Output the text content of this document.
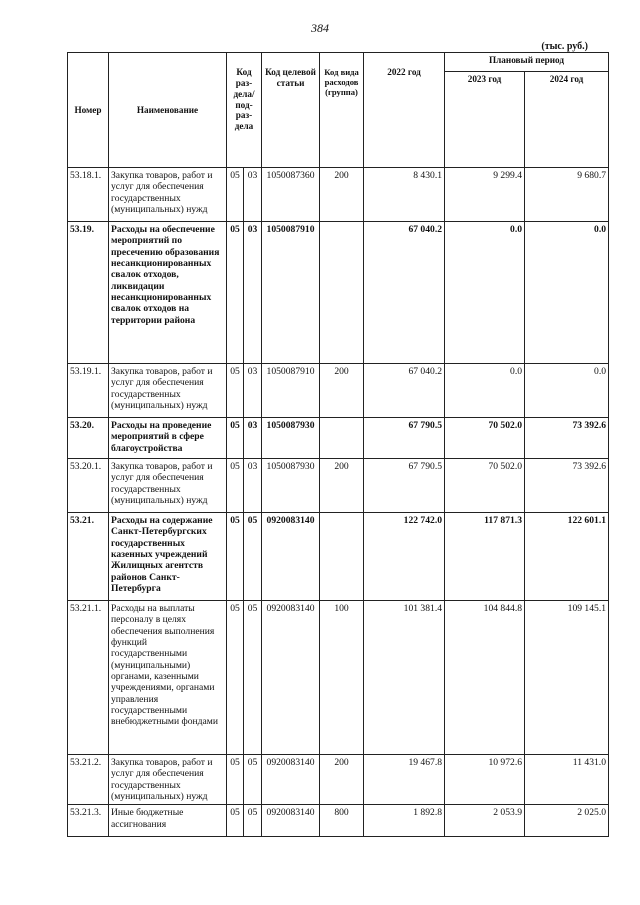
384
(тыс. руб.)
Номер	Наименование	Код раз-дела/ под-раз-дела		Код целевой статьи	Код вида расходов (группа)	2022 год	Плановый период	
							2023 год	2024 год
53.18.1.	Закупка товаров, работ и услуг для обеспечения государственных (муниципальных) нужд	05	03	1050087360	200	8 430.1	9 299.4	9 680.7
53.19.	Расходы на обеспечение мероприятий по пресечению образования несанкционированных свалок отходов, ликвидации несанкционированных свалок отходов на территории района	05	03	1050087910		67 040.2	0.0	0.0
53.19.1.	Закупка товаров, работ и услуг для обеспечения государственных (муниципальных) нужд	05	03	1050087910	200	67 040.2	0.0	0.0
53.20.	Расходы на проведение мероприятий в сфере благоустройства	05	03	1050087930		67 790.5	70 502.0	73 392.6
53.20.1.	Закупка товаров, работ и услуг для обеспечения государственных (муниципальных) нужд	05	03	1050087930	200	67 790.5	70 502.0	73 392.6
53.21.	Расходы на содержание Санкт-Петербургских государственных казенных учреждений Жилищных агентств районов Санкт-Петербурга	05	05	0920083140		122 742.0	117 871.3	122 601.1
53.21.1.	Расходы на выплаты персоналу в целях обеспечения выполнения функций государственными (муниципальными) органами, казенными учреждениями, органами управления государственными внебюджетными фондами	05	05	0920083140	100	101 381.4	104 844.8	109 145.1
53.21.2.	Закупка товаров, работ и услуг для обеспечения государственных (муниципальных) нужд	05	05	0920083140	200	19 467.8	10 972.6	11 431.0
53.21.3.	Иные бюджетные ассигнования	05	05	0920083140	800	1 892.8	2 053.9	2 025.0
